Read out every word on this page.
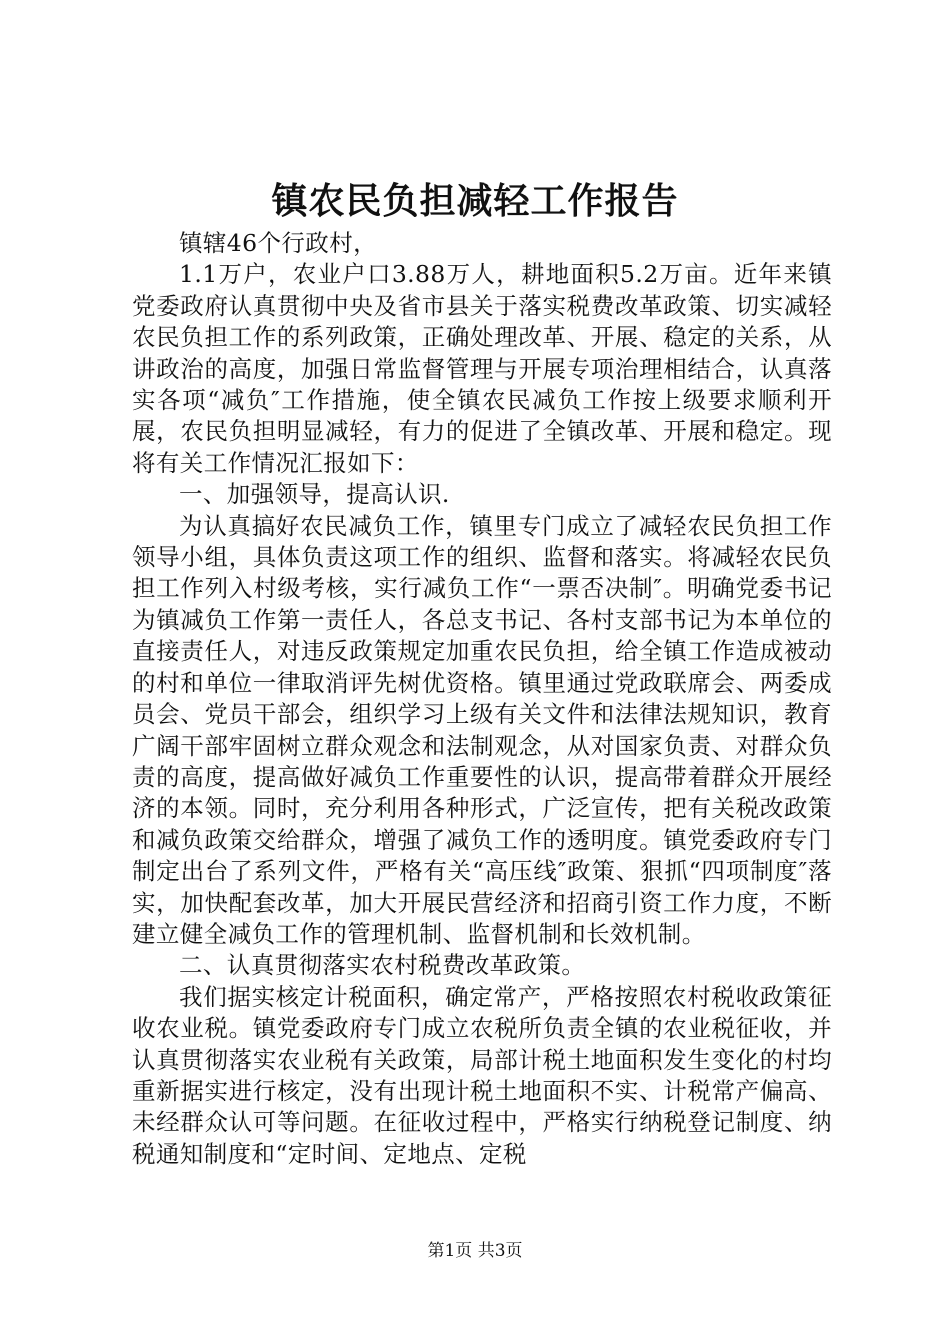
镇农民负担减轻工作报告

镇辖46个行政村，

1.1万户，农业户口3.88万人，耕地面积5.2万亩。近年来镇党委政府认真贯彻中央及省市县关于落实税费改革政策、切实减轻农民负担工作的系列政策，正确处理改革、开展、稳定的关系，从讲政治的高度，加强日常监督管理与开展专项治理相结合，认真落实各项“减负″工作措施，使全镇农民减负工作按上级要求顺利开展，农民负担明显减轻，有力的促进了全镇改革、开展和稳定。现将有关工作情况汇报如下：

一、加强领导，提高认识.

为认真搞好农民减负工作，镇里专门成立了减轻农民负担工作领导小组，具体负责这项工作的组织、监督和落实。将减轻农民负担工作列入村级考核，实行减负工作“一票否决制″。明确党委书记为镇减负工作第一责任人，各总支书记、各村支部书记为本单位的直接责任人，对违反政策规定加重农民负担，给全镇工作造成被动的村和单位一律取消评先树优资格。镇里通过党政联席会、两委成员会、党员干部会，组织学习上级有关文件和法律法规知识，教育广阔干部牢固树立群众观念和法制观念，从对国家负责、对群众负责的高度，提高做好减负工作重要性的认识，提高带着群众开展经济的本领。同时，充分利用各种形式，广泛宣传，把有关税改政策和减负政策交给群众，增强了减负工作的透明度。镇党委政府专门制定出台了系列文件，严格有关“高压线″政策、狠抓“四项制度″落实，加快配套改革，加大开展民营经济和招商引资工作力度，不断建立健全减负工作的管理机制、监督机制和长效机制。

二、认真贯彻落实农村税费改革政策。

我们据实核定计税面积，确定常产，严格按照农村税收政策征收农业税。镇党委政府专门成立农税所负责全镇的农业税征收，并认真贯彻落实农业税有关政策，局部计税土地面积发生变化的村均重新据实进行核定，没有出现计税土地面积不实、计税常产偏高、未经群众认可等问题。在征收过程中，严格实行纳税登记制度、纳税通知制度和“定时间、定地点、定税

第1页 共3页
